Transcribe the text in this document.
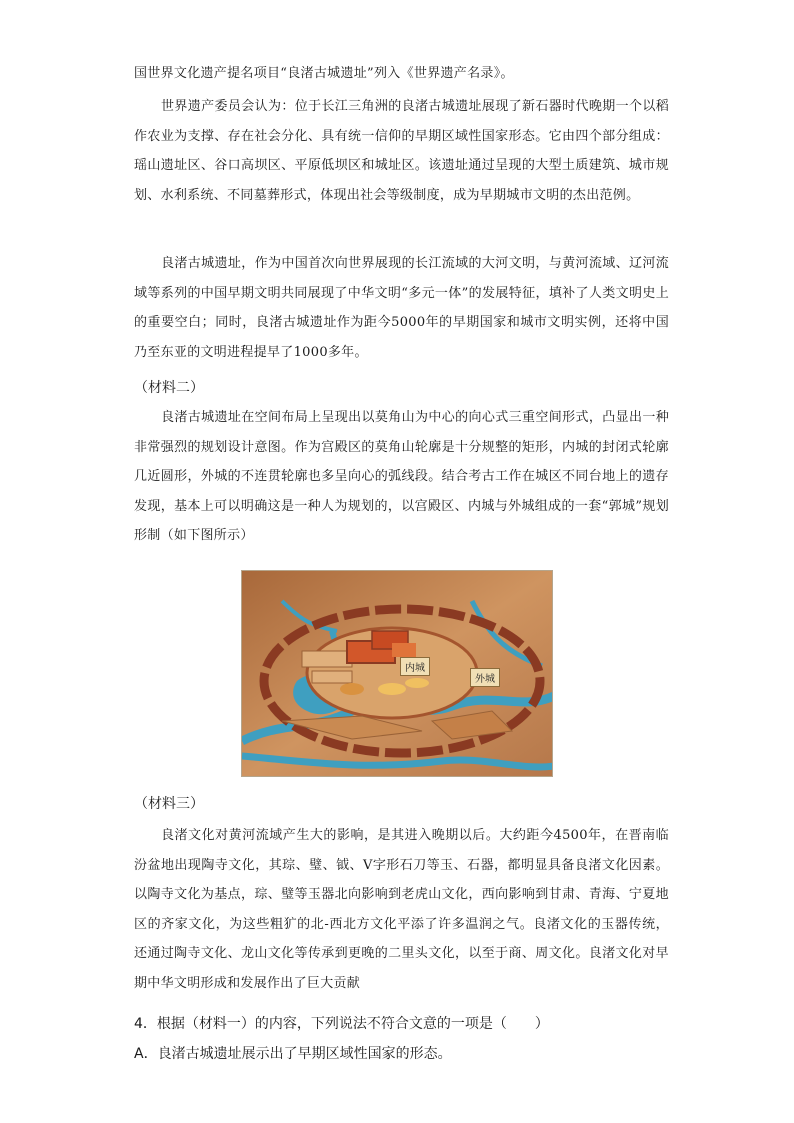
国世界文化遗产提名项目“良渚古城遗址”列入《世界遗产名录》。
世界遗产委员会认为：位于长江三角洲的良渚古城遗址展现了新石器时代晚期一个以稻作农业为支撑、存在社会分化、具有统一信仰的早期区域性国家形态。它由四个部分组成：瑶山遗址区、谷口高坝区、平原低坝区和城址区。该遗址通过呈现的大型土质建筑、城市规划、水利系统、不同墓葬形式，体现出社会等级制度，成为早期城市文明的杰出范例。
良渚古城遗址，作为中国首次向世界展现的长江流域的大河文明，与黄河流域、辽河流域等系列的中国早期文明共同展现了中华文明“多元一体”的发展特征，填补了人类文明史上的重要空白；同时，良渚古城遗址作为距今5000年的早期国家和城市文明实例，还将中国乃至东亚的文明进程提早了1000多年。
（材料二）
良渚古城遗址在空间布局上呈现出以莫角山为中心的向心式三重空间形式，凸显出一种非常强烈的规划设计意图。作为宫殿区的莫角山轮廓是十分规整的矩形，内城的封闭式轮廓几近圆形，外城的不连贯轮廓也多呈向心的弧线段。结合考古工作在城区不同台地上的遗存发现，基本上可以明确这是一种人为规划的，以宫殿区、内城与外城组成的一套“郭城”规划形制（如下图所示）
内城
外城
（材料三）
良渚文化对黄河流域产生大的影响，是其进入晚期以后。大约距今4500年，在晋南临汾盆地出现陶寺文化，其琮、璧、钺、V字形石刀等玉、石器，都明显具备良渚文化因素。以陶寺文化为基点，琮、璧等玉器北向影响到老虎山文化，西向影响到甘肃、青海、宁夏地区的齐家文化，为这些粗犷的北-西北方文化平添了许多温润之气。良渚文化的玉器传统，还通过陶寺文化、龙山文化等传承到更晚的二里头文化，以至于商、周文化。良渚文化对早期中华文明形成和发展作出了巨大贡献
4．根据（材料一）的内容，下列说法不符合文意的一项是（　　）
A．良渚古城遗址展示出了早期区域性国家的形态。
